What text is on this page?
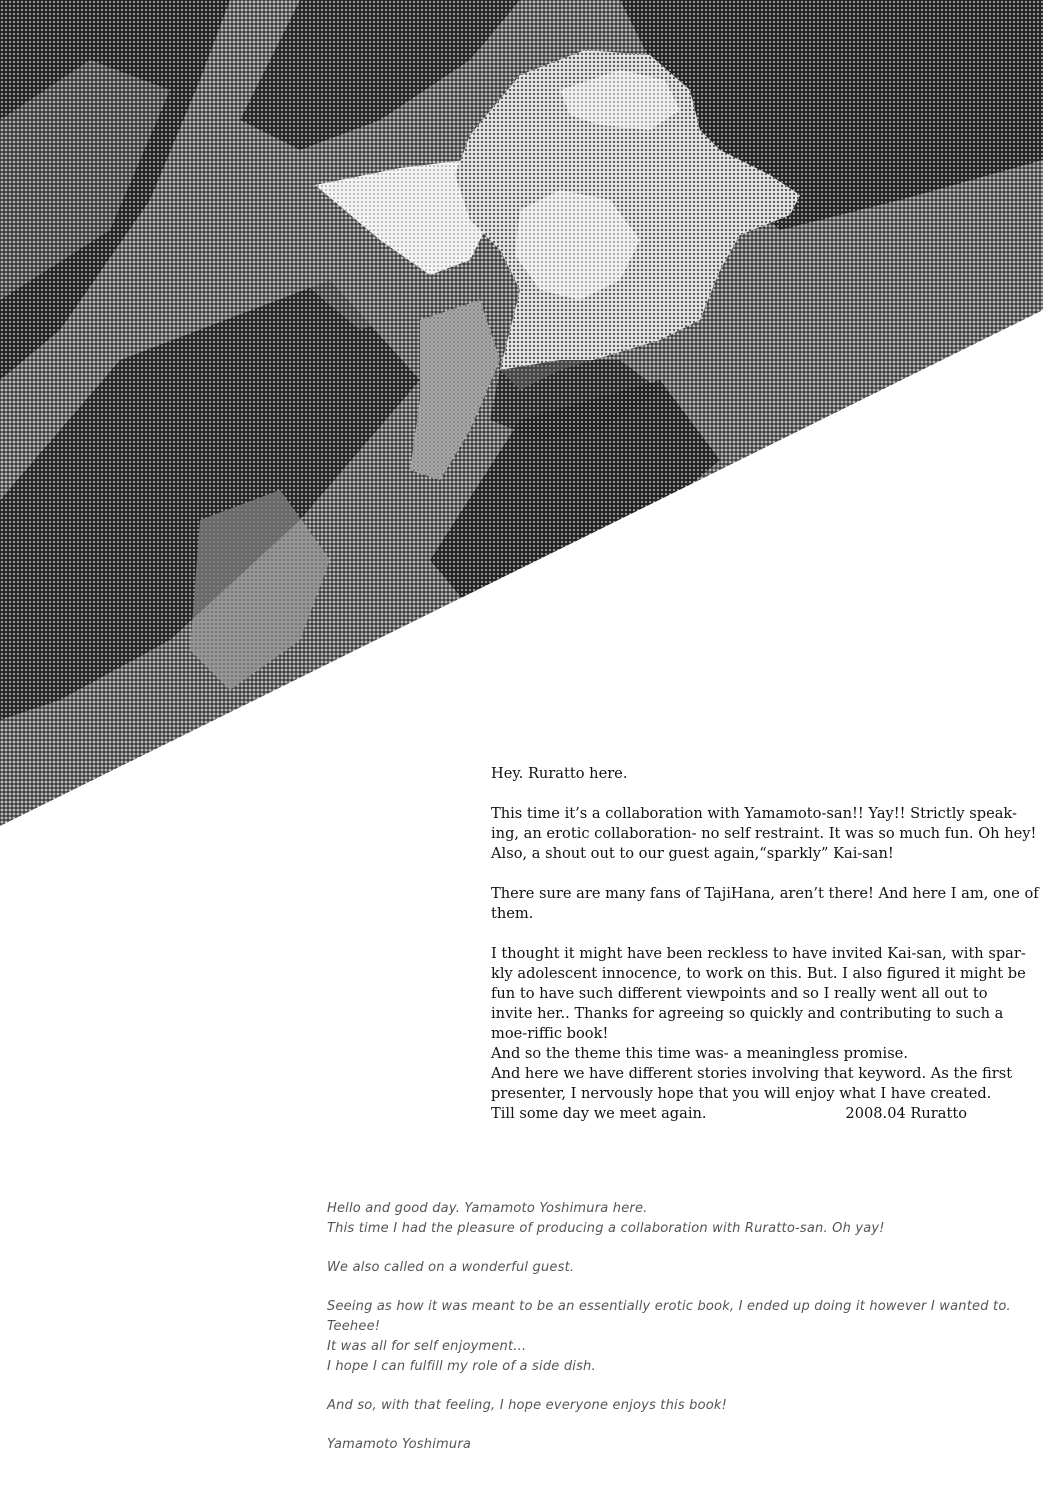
Hey. Ruratto here.

This time it’s a collaboration with Yamamoto-san!! Yay!! Strictly speak-

ing, an erotic collaboration- no self restraint. It was so much fun. Oh hey!

Also, a shout out to our guest again,“sparkly” Kai-san!

There sure are many fans of TajiHana, aren’t there! And here I am, one of

them.

I thought it might have been reckless to have invited Kai-san, with spar-

kly adolescent innocence, to work on this. But. I also figured it might be

fun to have such different viewpoints and so I really went all out to

invite her.. Thanks for agreeing so quickly and contributing to such a

moe-riffic book!

And so the theme this time was- a meaningless promise.

And here we have different stories involving that keyword. As the first

presenter, I nervously hope that you will enjoy what I have created.

Till some day we meet again.	2008.04 Ruratto

Hello and good day. Yamamoto Yoshimura here.

This time I had the pleasure of producing a collaboration with Ruratto-san. Oh yay!

We also called on a wonderful guest.

Seeing as how it was meant to be an essentially erotic book, I ended up doing it however I wanted to.

Teehee!

It was all for self enjoyment...

I hope I can fulfill my role of a side dish.

And so, with that feeling, I hope everyone enjoys this book!

Yamamoto Yoshimura
